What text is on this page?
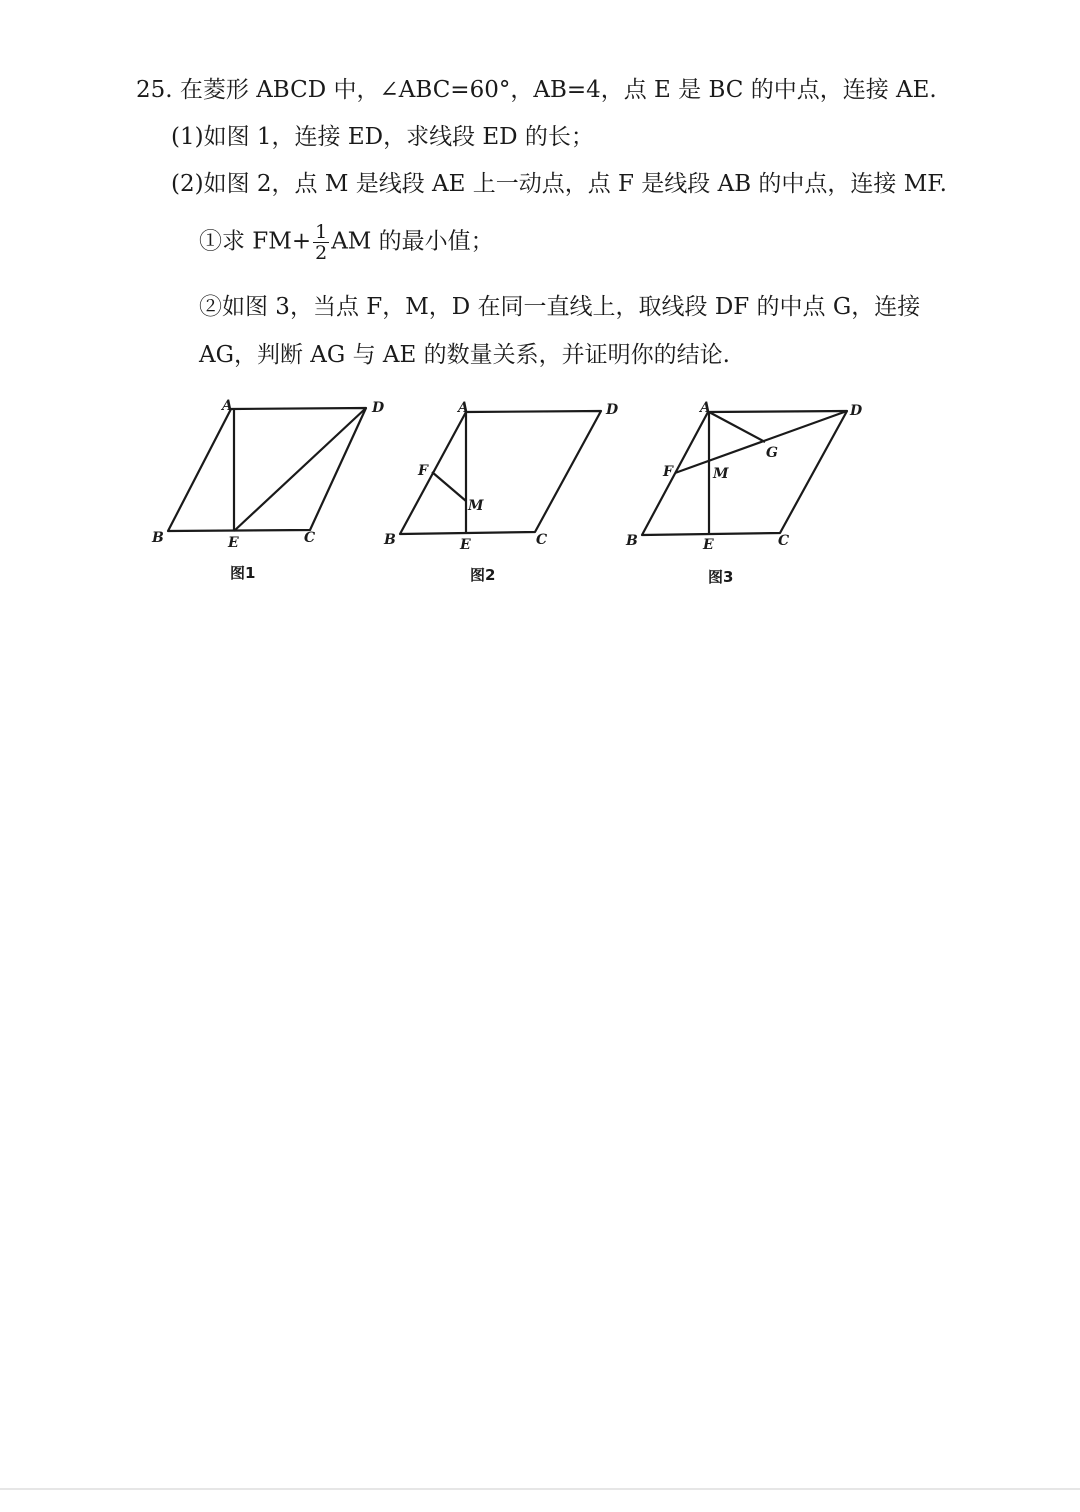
25. 在菱形 ABCD 中，∠ABC=60°，AB=4，点 E 是 BC 的中点，连接 AE.
(1)如图 1，连接 ED，求线段 ED 的长；
(2)如图 2，点 M 是线段 AE 上一动点，点 F 是线段 AB 的中点，连接 MF.
①求 $FM+ \frac{1}{2}$ AM 的最小值；
②如图 3，当点 F，M，D 在同一直线上，取线段 DF 的中点 G，连接
AG，判断 AG 与 AE 的数量关系，并证明你的结论.
A	D
B	E	C
图1
A	D
F
M
B	E	C
图2
A	D
G
F	M
B	E	C
图3
